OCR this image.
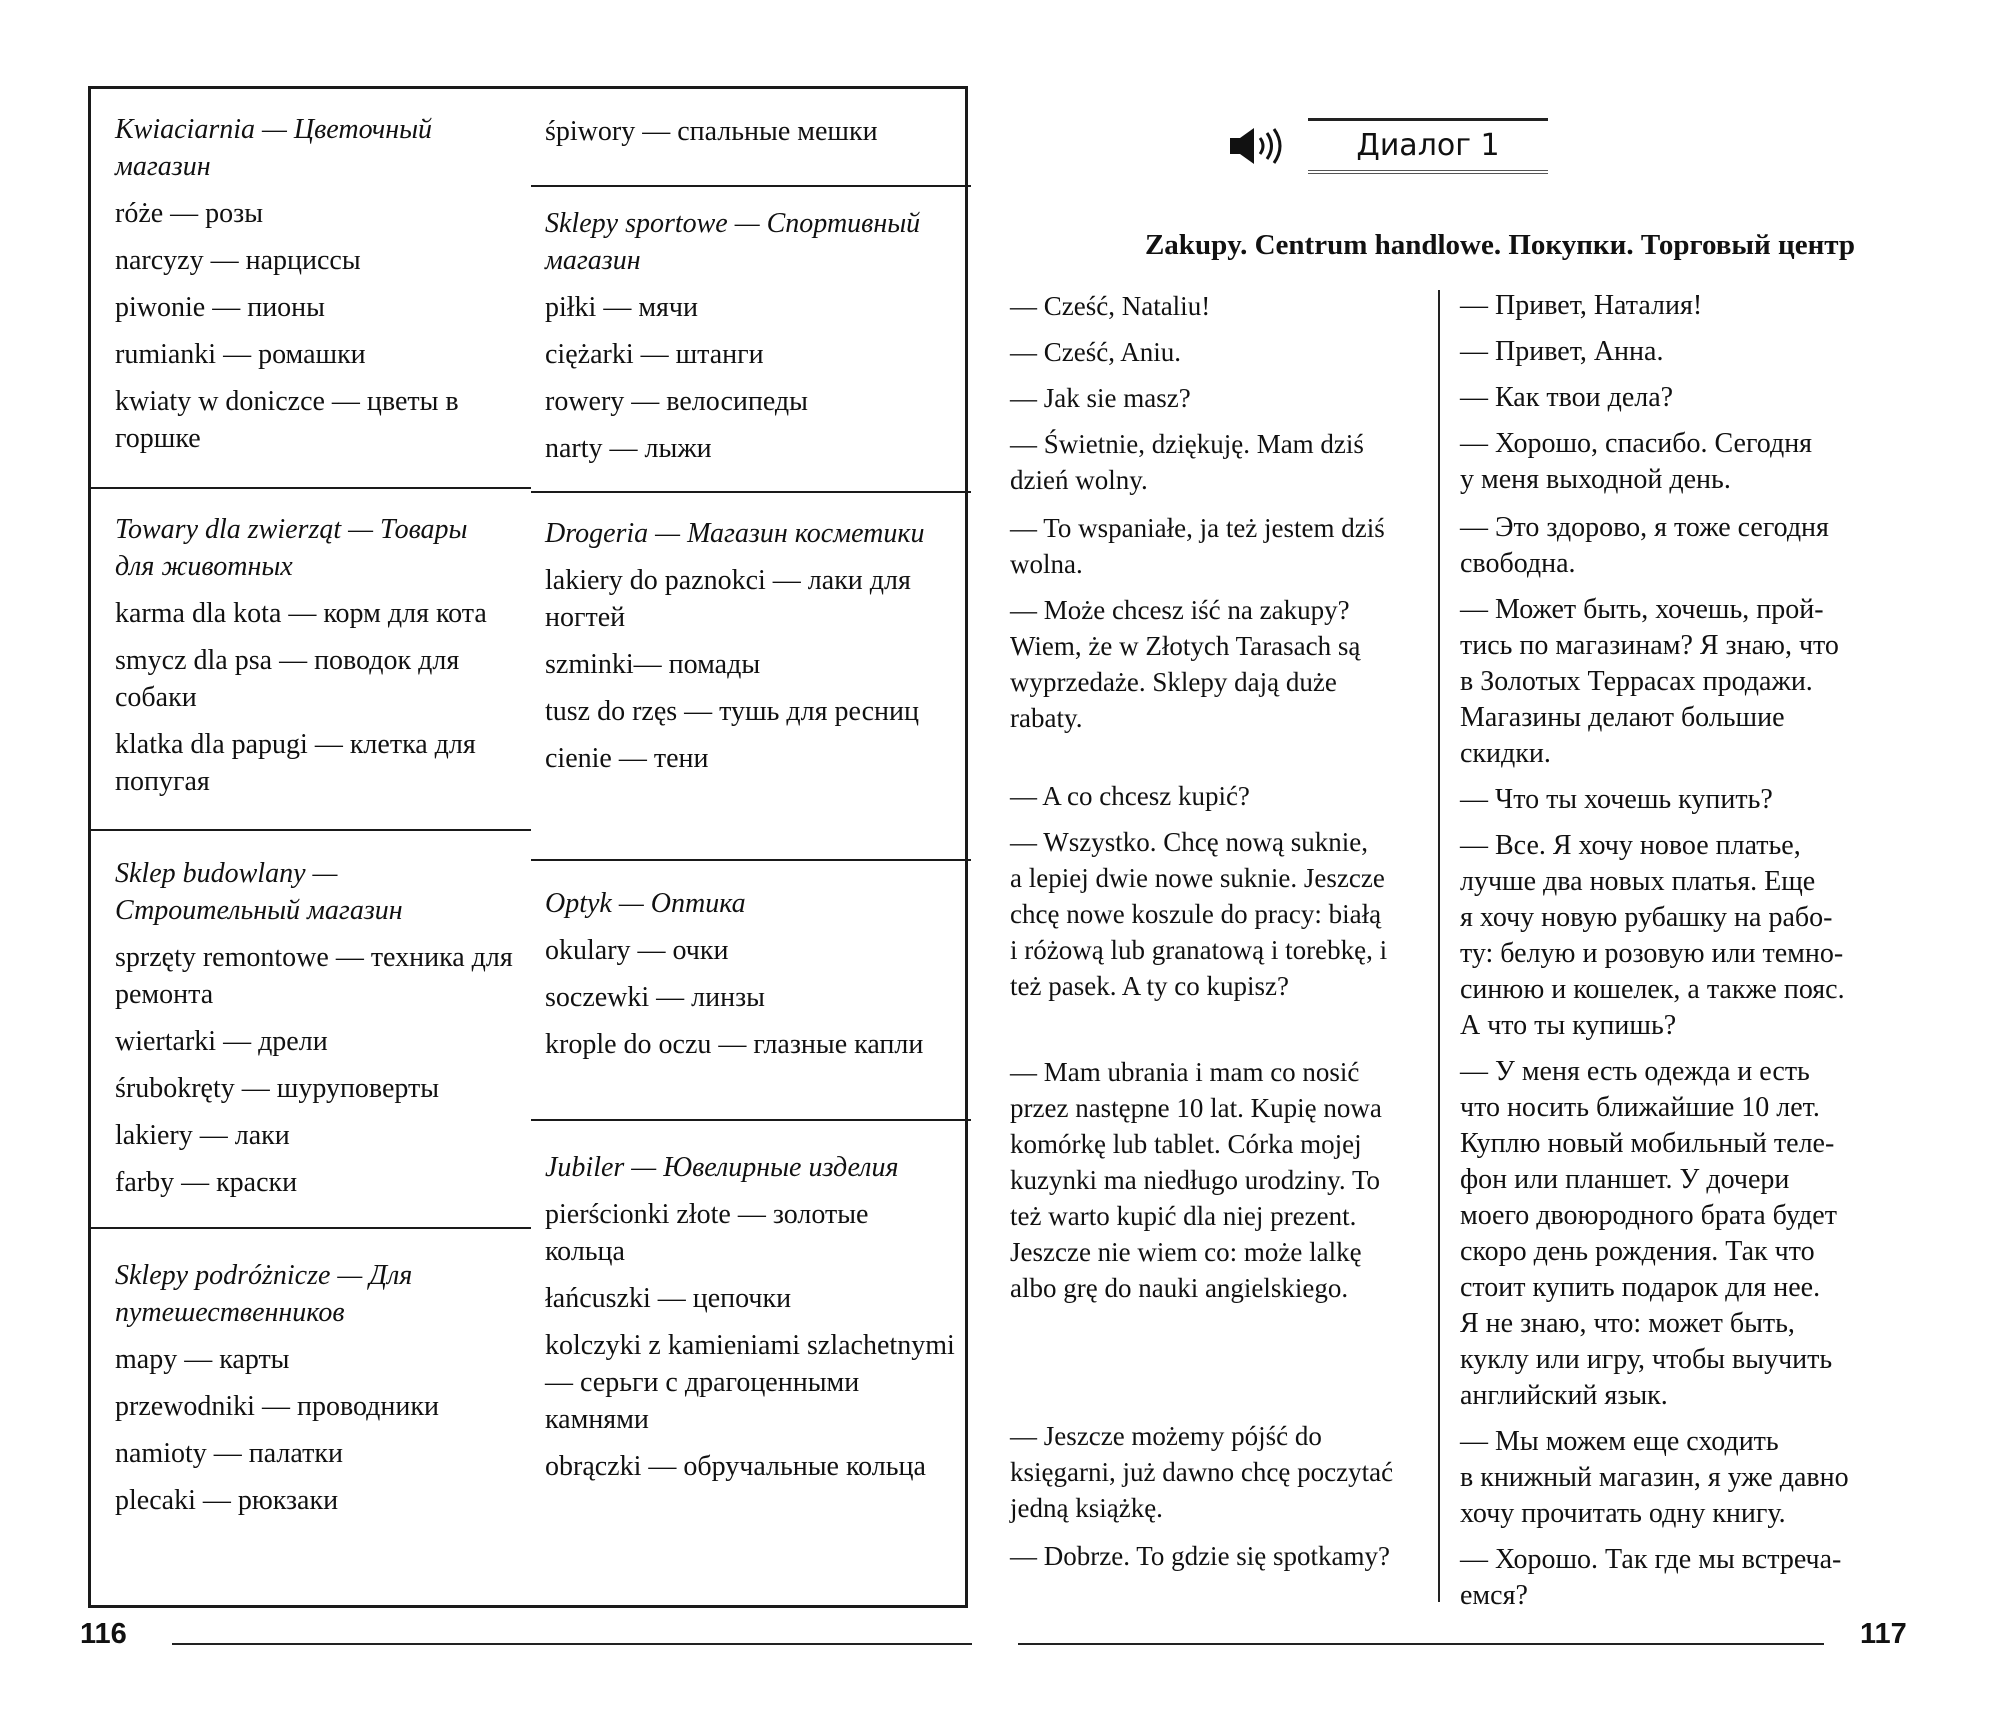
Kwiaciarnia — Цветочный магазин
róże — розы
narcyzy — нарциссы
piwonie — пионы
rumianki — ромашки
kwiaty w doniczce — цветы в горшке
Towary dla zwierząt — Товары для животных
karma dla kota — корм для кота
smycz dla psa — поводок для собаки
klatka dla papugi — клетка для попугая
Sklep budowlany — Строительный магазин
sprzęty remontowe — техника для ремонта
wiertarki — дрели
śrubokręty — шуруповерты
lakiery — лаки
farby — краски
Sklepy podróżnicze — Для путешественников
mapy — карты
przewodniki — проводники
namioty — палатки
plecaki — рюкзаки
śpiwory — спальные мешки
Sklepy sportowe — Спортивный магазин
piłki — мячи
ciężarki — штанги
rowery — велосипеды
narty — лыжи
Drogeria — Магазин косметики
lakiery do paznokci — лаки для ногтей
szminki— помады
tusz do rzęs — тушь для ресниц
cienie — тени
Optyk — Оптика
okulary — очки
soczewki — линзы
krople do oczu — глазные капли
Jubiler — Ювелирные изделия
pierścionki złote — золотые кольца
łańcuszki — цепочки
kolczyki z kamieniami szlachetnymi — серьги с драгоценными камнями
obrączki — обручальные кольца
116
Диалог 1
Zakupy. Centrum handlowe. Покупки. Торговый центр
— Cześć, Nataliu!
— Cześć, Aniu.
— Jak sie masz?
— Świetnie, dziękuję. Mam dziś
dzień wolny.
— To wspaniałe, ja też jestem dziś
wolna.
— Może chcesz iść na zakupy?
Wiem, że w Złotych Tarasach są
wyprzedaże. Sklepy dają duże
rabaty.
— A co chcesz kupić?
— Wszystko. Chcę nową suknie,
a lepiej dwie nowe suknie. Jeszcze
chcę nowe koszule do pracy: białą
i różową lub granatową i torebkę, i
też pasek. A ty co kupisz?
— Mam ubrania i mam co nosić
przez następne 10 lat. Kupię nowa
komórkę lub tablet. Córka mojej
kuzynki ma niedługo urodziny. To
też warto kupić dla niej prezent.
Jeszcze nie wiem co: może lalkę
albo grę do nauki angielskiego.
— Jeszcze możemy pójść do
księgarni, już dawno chcę poczytać
jedną książkę.
— Dobrze. To gdzie się spotkamy?
— Привет, Наталия!
— Привет, Анна.
— Как твои дела?
— Хорошо, спасибо. Сегодня
у меня выходной день.
— Это здорово, я тоже сегодня
свободна.
— Может быть, хочешь, прой-
тись по магазинам? Я знаю, что
в Золотых Террасах продажи.
Магазины делают большие
скидки.
— Что ты хочешь купить?
— Все. Я хочу новое платье,
лучше два новых платья. Еще
я хочу новую рубашку на рабо-
ту: белую и розовую или темно-
синюю и кошелек, а также пояс.
А что ты купишь?
— У меня есть одежда и есть
что носить ближайшие 10 лет.
Куплю новый мобильный теле-
фон или планшет. У дочери
моего двоюродного брата будет
скоро день рождения. Так что
стоит купить подарок для нее.
Я не знаю, что: может быть,
куклу или игру, чтобы выучить
английский язык.
— Мы можем еще сходить
в книжный магазин, я уже давно
хочу прочитать одну книгу.
— Хорошо. Так где мы встреча-
емся?
117
